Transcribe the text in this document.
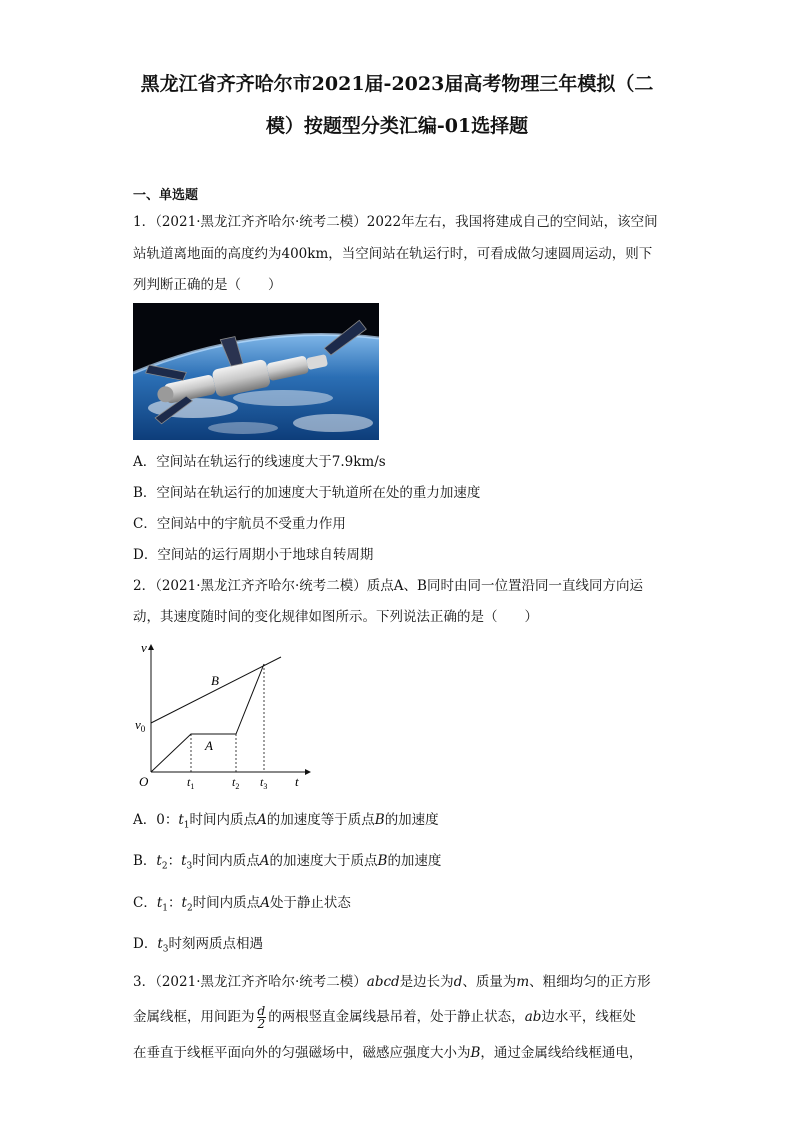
黑龙江省齐齐哈尔市2021届-2023届高考物理三年模拟（二
模）按题型分类汇编-01选择题
一、单选题
1．（2021·黑龙江齐齐哈尔·统考二模）2022年左右，我国将建成自己的空间站，该空间
站轨道离地面的高度约为400km，当空间站在轨运行时，可看成做匀速圆周运动，则下
列判断正确的是（　　）
A．空间站在轨运行的线速度大于7.9km/s
B．空间站在轨运行的加速度大于轨道所在处的重力加速度
C．空间站中的宇航员不受重力作用
D．空间站的运行周期小于地球自转周期
2．（2021·黑龙江齐齐哈尔·统考二模）质点A、B同时由同一位置沿同一直线同方向运
动，其速度随时间的变化规律如图所示。下列说法正确的是（　　）
v
$v_0$
O	t
$t_1$	$t_2$ $t_3$
A
B
A．0：$t_1$时间内质点A的加速度等于质点B的加速度
B．$t_2$：$t_3$时间内质点A的加速度大于质点B的加速度
C．$t_1$：$t_2$时间内质点A处于静止状态
D．$t_3$时刻两质点相遇
3．（2021·黑龙江齐齐哈尔·统考二模）abcd是边长为d、质量为m、粗细均匀的正方形
金属线框，用间距为 $\frac{d}{2}$ 的两根竖直金属线悬吊着，处于静止状态，ab边水平，线框处
在垂直于线框平面向外的匀强磁场中，磁感应强度大小为B，通过金属线给线框通电，
